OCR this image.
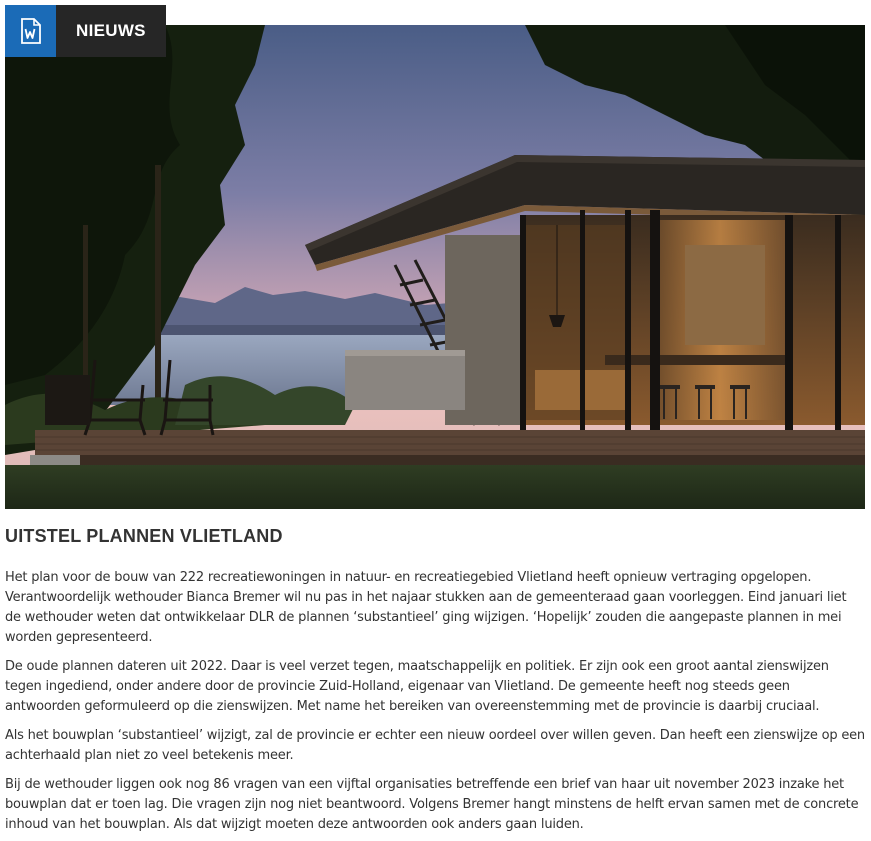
NIEUWS
UITSTEL PLANNEN VLIETLAND

Het plan voor de bouw van 222 recreatiewoningen in natuur- en recreatiegebied Vlietland heeft opnieuw vertraging opgelopen. Verantwoordelijk wethouder Bianca Bremer wil nu pas in het najaar stukken aan de gemeenteraad gaan voorleggen. Eind januari liet de wethouder weten dat ontwikkelaar DLR de plannen ‘substantieel’ ging wijzigen. ‘Hopelijk’ zouden die aangepaste plannen in mei worden gepresenteerd.

De oude plannen dateren uit 2022. Daar is veel verzet tegen, maatschappelijk en politiek. Er zijn ook een groot aantal zienswijzen tegen ingediend, onder andere door de provincie Zuid-Holland, eigenaar van Vlietland. De gemeente heeft nog steeds geen antwoorden geformuleerd op die zienswijzen. Met name het bereiken van overeenstemming met de provincie is daarbij cruciaal.

Als het bouwplan ‘substantieel’ wijzigt, zal de provincie er echter een nieuw oordeel over willen geven. Dan heeft een zienswijze op een achterhaald plan niet zo veel betekenis meer.

Bij de wethouder liggen ook nog 86 vragen van een vijftal organisaties betreffende een brief van haar uit november 2023 inzake het bouwplan dat er toen lag. Die vragen zijn nog niet beantwoord. Volgens Bremer hangt minstens de helft ervan samen met de concrete inhoud van het bouwplan. Als dat wijzigt moeten deze antwoorden ook anders gaan luiden.
